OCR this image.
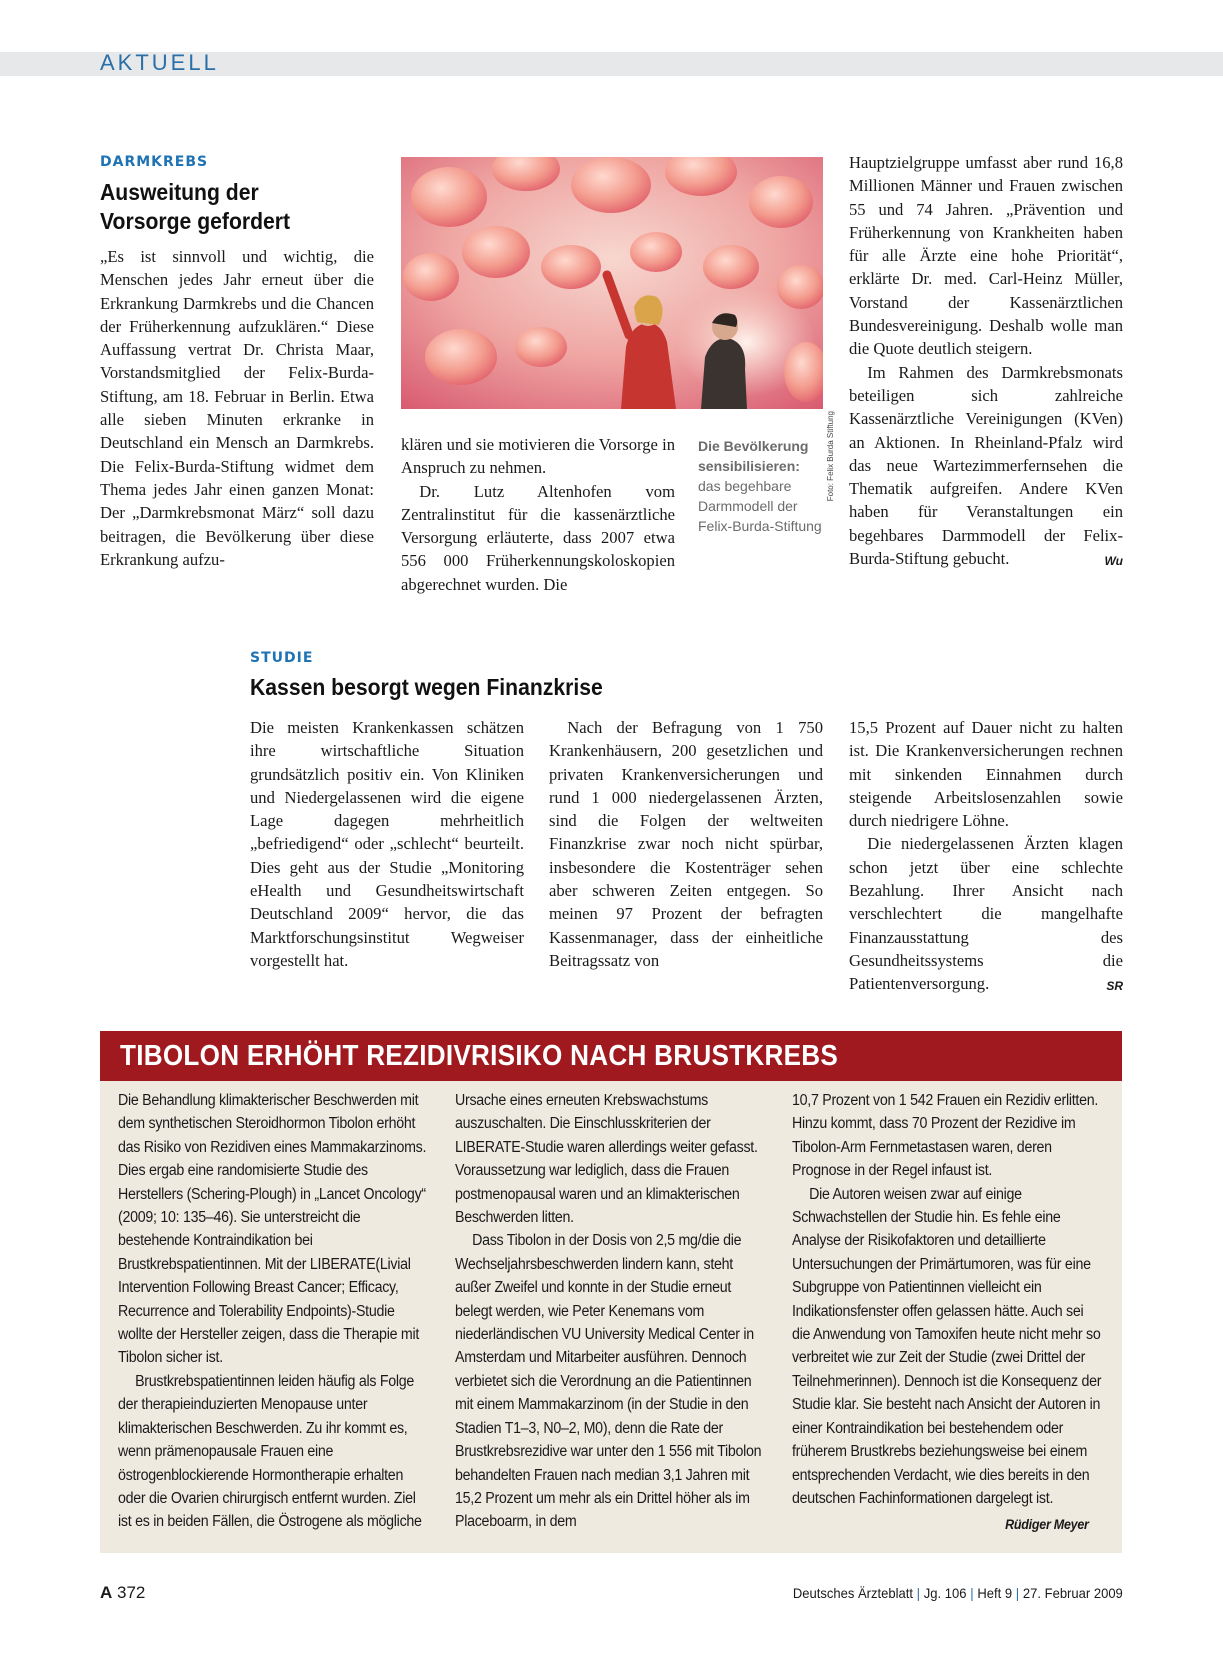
AKTUELL
DARMKREBS
Ausweitung der
Vorsorge gefordert

„Es ist sinnvoll und wichtig, die Menschen jedes Jahr erneut über die Erkrankung Darmkrebs und die Chancen der Früherkennung aufzuklären.“ Diese Auffassung vertrat Dr. Christa Maar, Vorstandsmitglied der Felix-Burda-Stiftung, am 18. Februar in Berlin. Etwa alle sieben Minuten erkranke in Deutschland ein Mensch an Darmkrebs. Die Felix-Burda-Stiftung widmet dem Thema jedes Jahr einen ganzen Monat: Der „Darmkrebsmonat März“ soll dazu beitragen, die Bevölkerung über diese Erkrankung aufzu-

Foto: Felix Burda Stiftung

klären und sie motivieren die Vorsorge in Anspruch zu nehmen.

Dr. Lutz Altenhofen vom Zentralinstitut für die kassenärztliche Versorgung erläuterte, dass 2007 etwa 556 000 Früherkennungskoloskopien abgerechnet wurden. Die

Die Bevölkerung sensibilisieren:
das begehbare Darmmodell der Felix-Burda-Stiftung

Hauptzielgruppe umfasst aber rund 16,8 Millionen Männer und Frauen zwischen 55 und 74 Jahren. „Prävention und Früherkennung von Krankheiten haben für alle Ärzte eine hohe Priorität“, erklärte Dr. med. Carl-Heinz Müller, Vorstand der Kassenärztlichen Bundesvereinigung. Deshalb wolle man die Quote deutlich steigern.

Im Rahmen des Darmkrebsmonats beteiligen sich zahlreiche Kassenärztliche Vereinigungen (KVen) an Aktionen. In Rheinland-Pfalz wird das neue Wartezimmerfernsehen die Thematik aufgreifen. Andere KVen haben für Veranstaltungen ein begehbares Darmmodell der Felix-Burda-Stiftung gebucht.	Wu

STUDIE
Kassen besorgt wegen Finanzkrise

Die meisten Krankenkassen schätzen ihre wirtschaftliche Situation grundsätzlich positiv ein. Von Kliniken und Niedergelassenen wird die eigene Lage dagegen mehrheitlich „befriedigend“ oder „schlecht“ beurteilt. Dies geht aus der Studie „Monitoring eHealth und Gesundheitswirtschaft Deutschland 2009“ hervor, die das Marktforschungsinstitut Wegweiser vorgestellt hat.

Nach der Befragung von 1 750 Krankenhäusern, 200 gesetzlichen und privaten Krankenversicherungen und rund 1 000 niedergelassenen Ärzten, sind die Folgen der weltweiten Finanzkrise zwar noch nicht spürbar, insbesondere die Kostenträger sehen aber schweren Zeiten entgegen. So meinen 97 Prozent der befragten Kassenmanager, dass der einheitliche Beitragssatz von

15,5 Prozent auf Dauer nicht zu halten ist. Die Krankenversicherungen rechnen mit sinkenden Einnahmen durch steigende Arbeitslosenzahlen sowie durch niedrigere Löhne.

Die niedergelassenen Ärzten klagen schon jetzt über eine schlechte Bezahlung. Ihrer Ansicht nach verschlechtert die mangelhafte Finanzausstattung des Gesundheitssystems die Patientenversorgung.	SR

TIBOLON ERHÖHT REZIDIVRISIKO NACH BRUSTKREBS

Die Behandlung klimakterischer Beschwerden mit dem synthetischen Steroidhormon Tibolon erhöht das Risiko von Rezidiven eines Mammakarzinoms. Dies ergab eine randomisierte Studie des Herstellers (Schering-Plough) in „Lancet Oncology“ (2009; 10: 135–46). Sie unterstreicht die bestehende Kontraindikation bei Brustkrebspatientinnen. Mit der LIBERATE(Livial Intervention Following Breast Cancer; Efficacy, Recurrence and Tolerability Endpoints)-Studie wollte der Hersteller zeigen, dass die Therapie mit Tibolon sicher ist.

Brustkrebspatientinnen leiden häufig als Folge der therapieinduzierten Menopause unter klimakterischen Beschwerden. Zu ihr kommt es, wenn prämenopausale Frauen eine östrogenblockierende Hormontherapie erhalten oder die Ovarien chirurgisch entfernt wurden. Ziel ist es in beiden Fällen, die Östrogene als mögliche

Ursache eines erneuten Krebswachstums auszuschalten. Die Einschlusskriterien der LIBERATE-Studie waren allerdings weiter gefasst. Voraussetzung war lediglich, dass die Frauen postmenopausal waren und an klimakterischen Beschwerden litten.

Dass Tibolon in der Dosis von 2,5 mg/die die Wechseljahrsbeschwerden lindern kann, steht außer Zweifel und konnte in der Studie erneut belegt werden, wie Peter Kenemans vom niederländischen VU University Medical Center in Amsterdam und Mitarbeiter ausführen. Dennoch verbietet sich die Verordnung an die Patientinnen mit einem Mammakarzinom (in der Studie in den Stadien T1–3, N0–2, M0), denn die Rate der Brustkrebsrezidive war unter den 1 556 mit Tibolon behandelten Frauen nach median 3,1 Jahren mit 15,2 Prozent um mehr als ein Drittel höher als im Placeboarm, in dem

10,7 Prozent von 1 542 Frauen ein Rezidiv erlitten. Hinzu kommt, dass 70 Prozent der Rezidive im Tibolon-Arm Fernmetastasen waren, deren Prognose in der Regel infaust ist.

Die Autoren weisen zwar auf einige Schwachstellen der Studie hin. Es fehle eine Analyse der Risikofaktoren und detaillierte Untersuchungen der Primärtumoren, was für eine Subgruppe von Patientinnen vielleicht ein Indikationsfenster offen gelassen hätte. Auch sei die Anwendung von Tamoxifen heute nicht mehr so verbreitet wie zur Zeit der Studie (zwei Drittel der Teilnehmerinnen). Dennoch ist die Konsequenz der Studie klar. Sie besteht nach Ansicht der Autoren in einer Kontraindikation bei bestehendem oder früherem Brustkrebs beziehungsweise bei einem entsprechenden Verdacht, wie dies bereits in den deutschen Fachinformationen dargelegt ist.
Rüdiger Meyer

A 372	Deutsches Ärzteblatt | Jg. 106 | Heft 9 | 27. Februar 2009
